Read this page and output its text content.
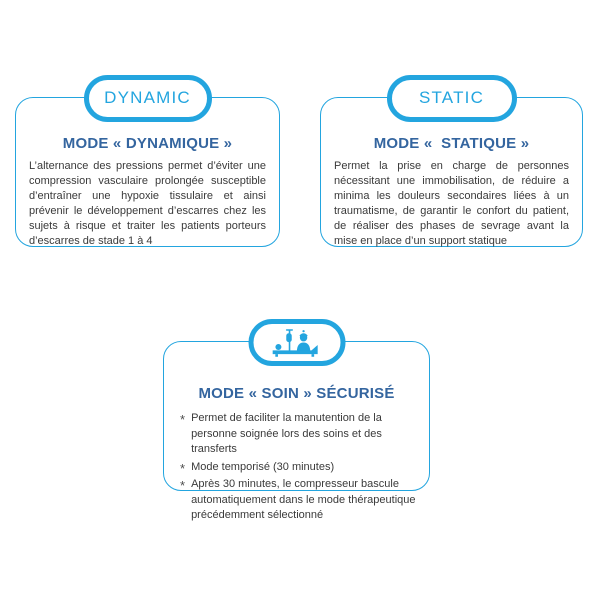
DYNAMIC
MODE « DYNAMIQUE »

L’alternance des pressions permet d’éviter une compression vasculaire prolongée susceptible d’entraîner une hypoxie tissulaire et ainsi prévenir le développement d’escarres chez les sujets à risque et traiter les patients porteurs d’escarres de stade 1 à 4

STATIC
MODE «  STATIQUE »

Permet la prise en charge de personnes nécessitant une immobilisation, de réduire a minima les douleurs secondaires liées à un traumatisme, de garantir le confort du patient, de réaliser des phases de sevrage avant la mise en place d’un support statique

MODE « SOIN » SÉCURISÉ
* Permet de faciliter la manutention de la personne soignée lors des soins et des transferts
* Mode temporisé (30 minutes)
* Après 30 minutes, le compresseur bascule automatiquement dans le mode thérapeutique précédemment sélectionné
